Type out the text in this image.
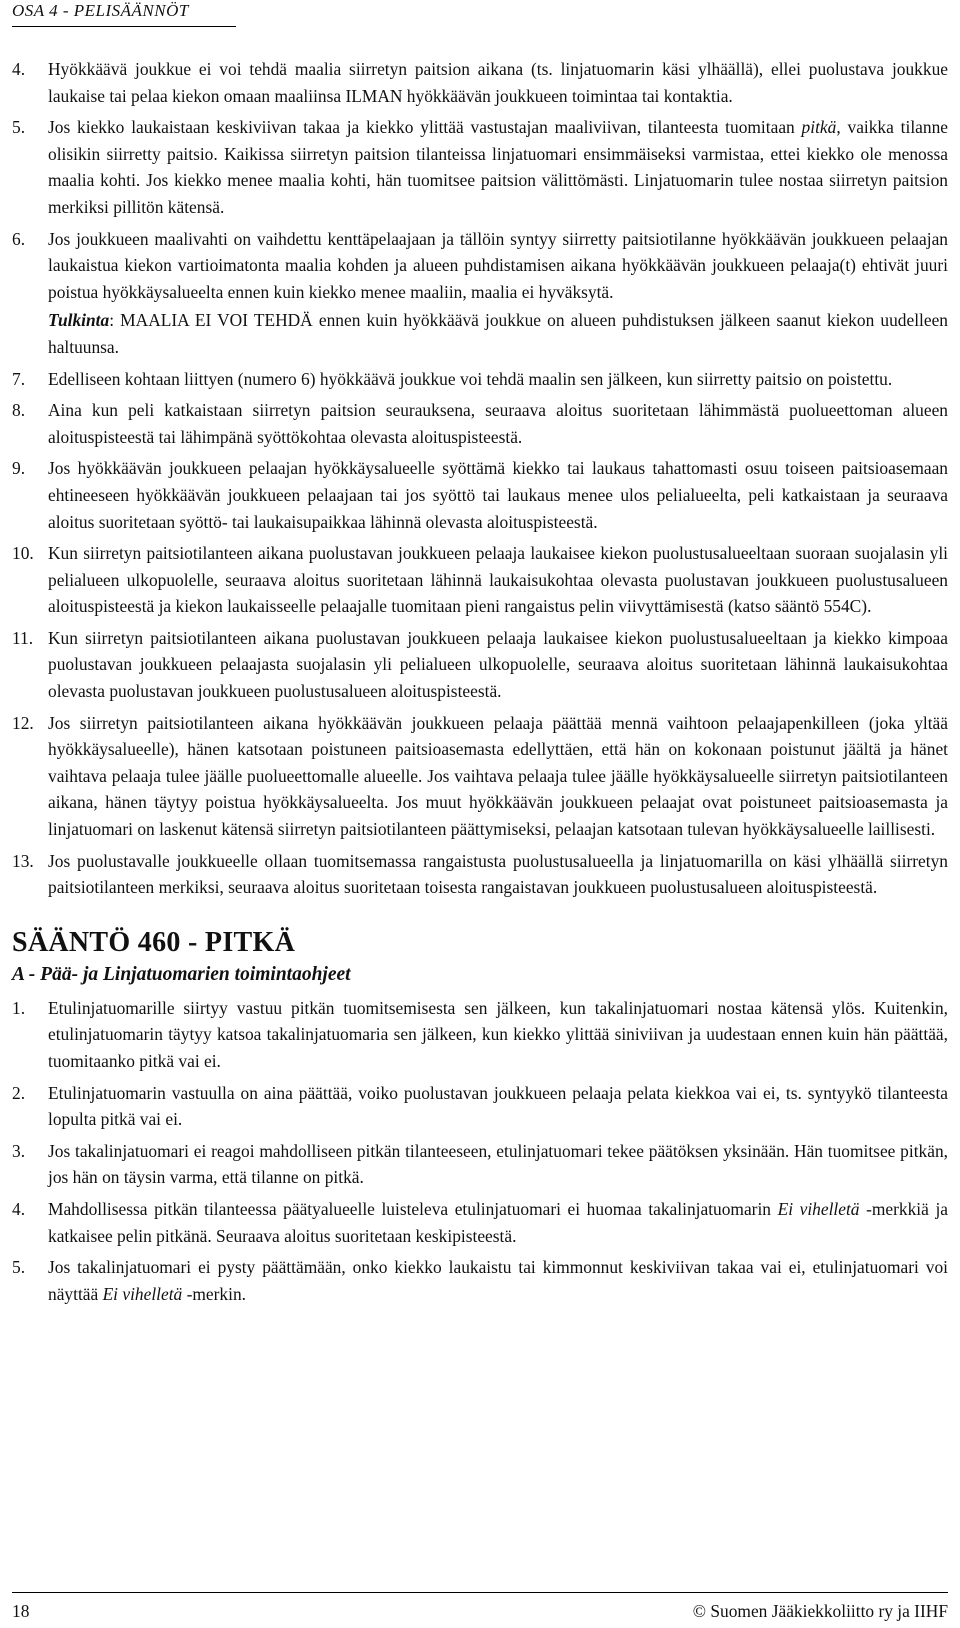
OSA 4 - PELISÄÄNNÖT
4.	Hyökkäävä joukkue ei voi tehdä maalia siirretyn paitsion aikana (ts. linjatuomarin käsi ylhäällä), ellei puolustava joukkue laukaise tai pelaa kiekon omaan maaliinsa ILMAN hyökkäävän joukkueen toimintaa tai kontaktia.
5.	Jos kiekko laukaistaan keskiviivan takaa ja kiekko ylittää vastustajan maaliviivan, tilanteesta tuomitaan pitkä, vaikka tilanne olisikin siirretty paitsio. Kaikissa siirretyn paitsion tilanteissa linjatuomari ensimmäiseksi varmistaa, ettei kiekko ole menossa maalia kohti. Jos kiekko menee maalia kohti, hän tuomitsee paitsion välittömästi. Linjatuomarin tulee nostaa siirretyn paitsion merkiksi pillitön kätensä.
6.	Jos joukkueen maalivahti on vaihdettu kenttäpelaajaan ja tällöin syntyy siirretty paitsiotilanne hyökkäävän joukkueen pelaajan laukaistua kiekon vartioimatonta maalia kohden ja alueen puhdistamisen aikana hyökkäävän joukkueen pelaaja(t) ehtivät juuri poistua hyökkäysalueelta ennen kuin kiekko menee maaliin, maalia ei hyväksytä.
Tulkinta: MAALIA EI VOI TEHDÄ ennen kuin hyökkäävä joukkue on alueen puhdistuksen jälkeen saanut kiekon uudelleen haltuunsa.
7.	Edelliseen kohtaan liittyen (numero 6) hyökkäävä joukkue voi tehdä maalin sen jälkeen, kun siirretty paitsio on poistettu.
8.	Aina kun peli katkaistaan siirretyn paitsion seurauksena, seuraava aloitus suoritetaan lähimmästä puolueettoman alueen aloituspisteestä tai lähimpänä syöttökohtaa olevasta aloituspisteestä.
9.	Jos hyökkäävän joukkueen pelaajan hyökkäysalueelle syöttämä kiekko tai laukaus tahattomasti osuu toiseen paitsioasemaan ehtineeseen hyökkäävän joukkueen pelaajaan tai jos syöttö tai laukaus menee ulos pelialueelta, peli katkaistaan ja seuraava aloitus suoritetaan syöttö- tai laukaisupaikkaa lähinnä olevasta aloituspisteestä.
10. Kun siirretyn paitsiotilanteen aikana puolustavan joukkueen pelaaja laukaisee kiekon puolustusalueeltaan suoraan suojalasin yli pelialueen ulkopuolelle, seuraava aloitus suoritetaan lähinnä laukaisukohtaa olevasta puolustavan joukkueen puolustusalueen aloituspisteestä ja kiekon laukaisseelle pelaajalle tuomitaan pieni rangaistus pelin viivyttämisestä (katso sääntö 554C).
11. Kun siirretyn paitsiotilanteen aikana puolustavan joukkueen pelaaja laukaisee kiekon puolustusalueeltaan ja kiekko kimpoaa puolustavan joukkueen pelaajasta suojalasin yli pelialueen ulkopuolelle, seuraava aloitus suoritetaan lähinnä laukaisukohtaa olevasta puolustavan joukkueen puolustusalueen aloituspisteestä.
12. Jos siirretyn paitsiotilanteen aikana hyökkäävän joukkueen pelaaja päättää mennä vaihtoon pelaajapenkilleen (joka yltää hyökkäysalueelle), hänen katsotaan poistuneen paitsioasemasta edellyttäen, että hän on kokonaan poistunut jäältä ja hänet vaihtava pelaaja tulee jäälle puolueettomalle alueelle. Jos vaihtava pelaaja tulee jäälle hyökkäysalueelle siirretyn paitsiotilanteen aikana, hänen täytyy poistua hyökkäysalueelta. Jos muut hyökkäävän joukkueen pelaajat ovat poistuneet paitsioasemasta ja linjatuomari on laskenut kätensä siirretyn paitsiotilanteen päättymiseksi, pelaajan katsotaan tulevan hyökkäysalueelle laillisesti.
13. Jos puolustavalle joukkueelle ollaan tuomitsemassa rangaistusta puolustusalueella ja linjatuomarilla on käsi ylhäällä siirretyn paitsiotilanteen merkiksi, seuraava aloitus suoritetaan toisesta rangaistavan joukkueen puolustusalueen aloituspisteestä.
SÄÄNTÖ 460 - PITKÄ
A - Pää- ja Linjatuomarien toimintaohjeet
1.	Etulinjatuomarille siirtyy vastuu pitkän tuomitsemisesta sen jälkeen, kun takalinjatuomari nostaa kätensä ylös. Kuitenkin, etulinjatuomarin täytyy katsoa takalinjatuomaria sen jälkeen, kun kiekko ylittää siniviivan ja uudestaan ennen kuin hän päättää, tuomitaanko pitkä vai ei.
2.	Etulinjatuomarin vastuulla on aina päättää, voiko puolustavan joukkueen pelaaja pelata kiekkoa vai ei, ts. syntyykö tilanteesta lopulta pitkä vai ei.
3.	Jos takalinjatuomari ei reagoi mahdolliseen pitkän tilanteeseen, etulinjatuomari tekee päätöksen yksinään. Hän tuomitsee pitkän, jos hän on täysin varma, että tilanne on pitkä.
4.	Mahdollisessa pitkän tilanteessa päätyalueelle luisteleva etulinjatuomari ei huomaa takalinjatuomarin Ei vihelletä -merkkiä ja katkaisee pelin pitkänä. Seuraava aloitus suoritetaan keskipisteestä.
5.	Jos takalinjatuomari ei pysty päättämään, onko kiekko laukaistu tai kimmonnut keskiviivan takaa vai ei, etulinjatuomari voi näyttää Ei vihelletä -merkin.
18	© Suomen Jääkiekkoliitto ry ja IIHF
